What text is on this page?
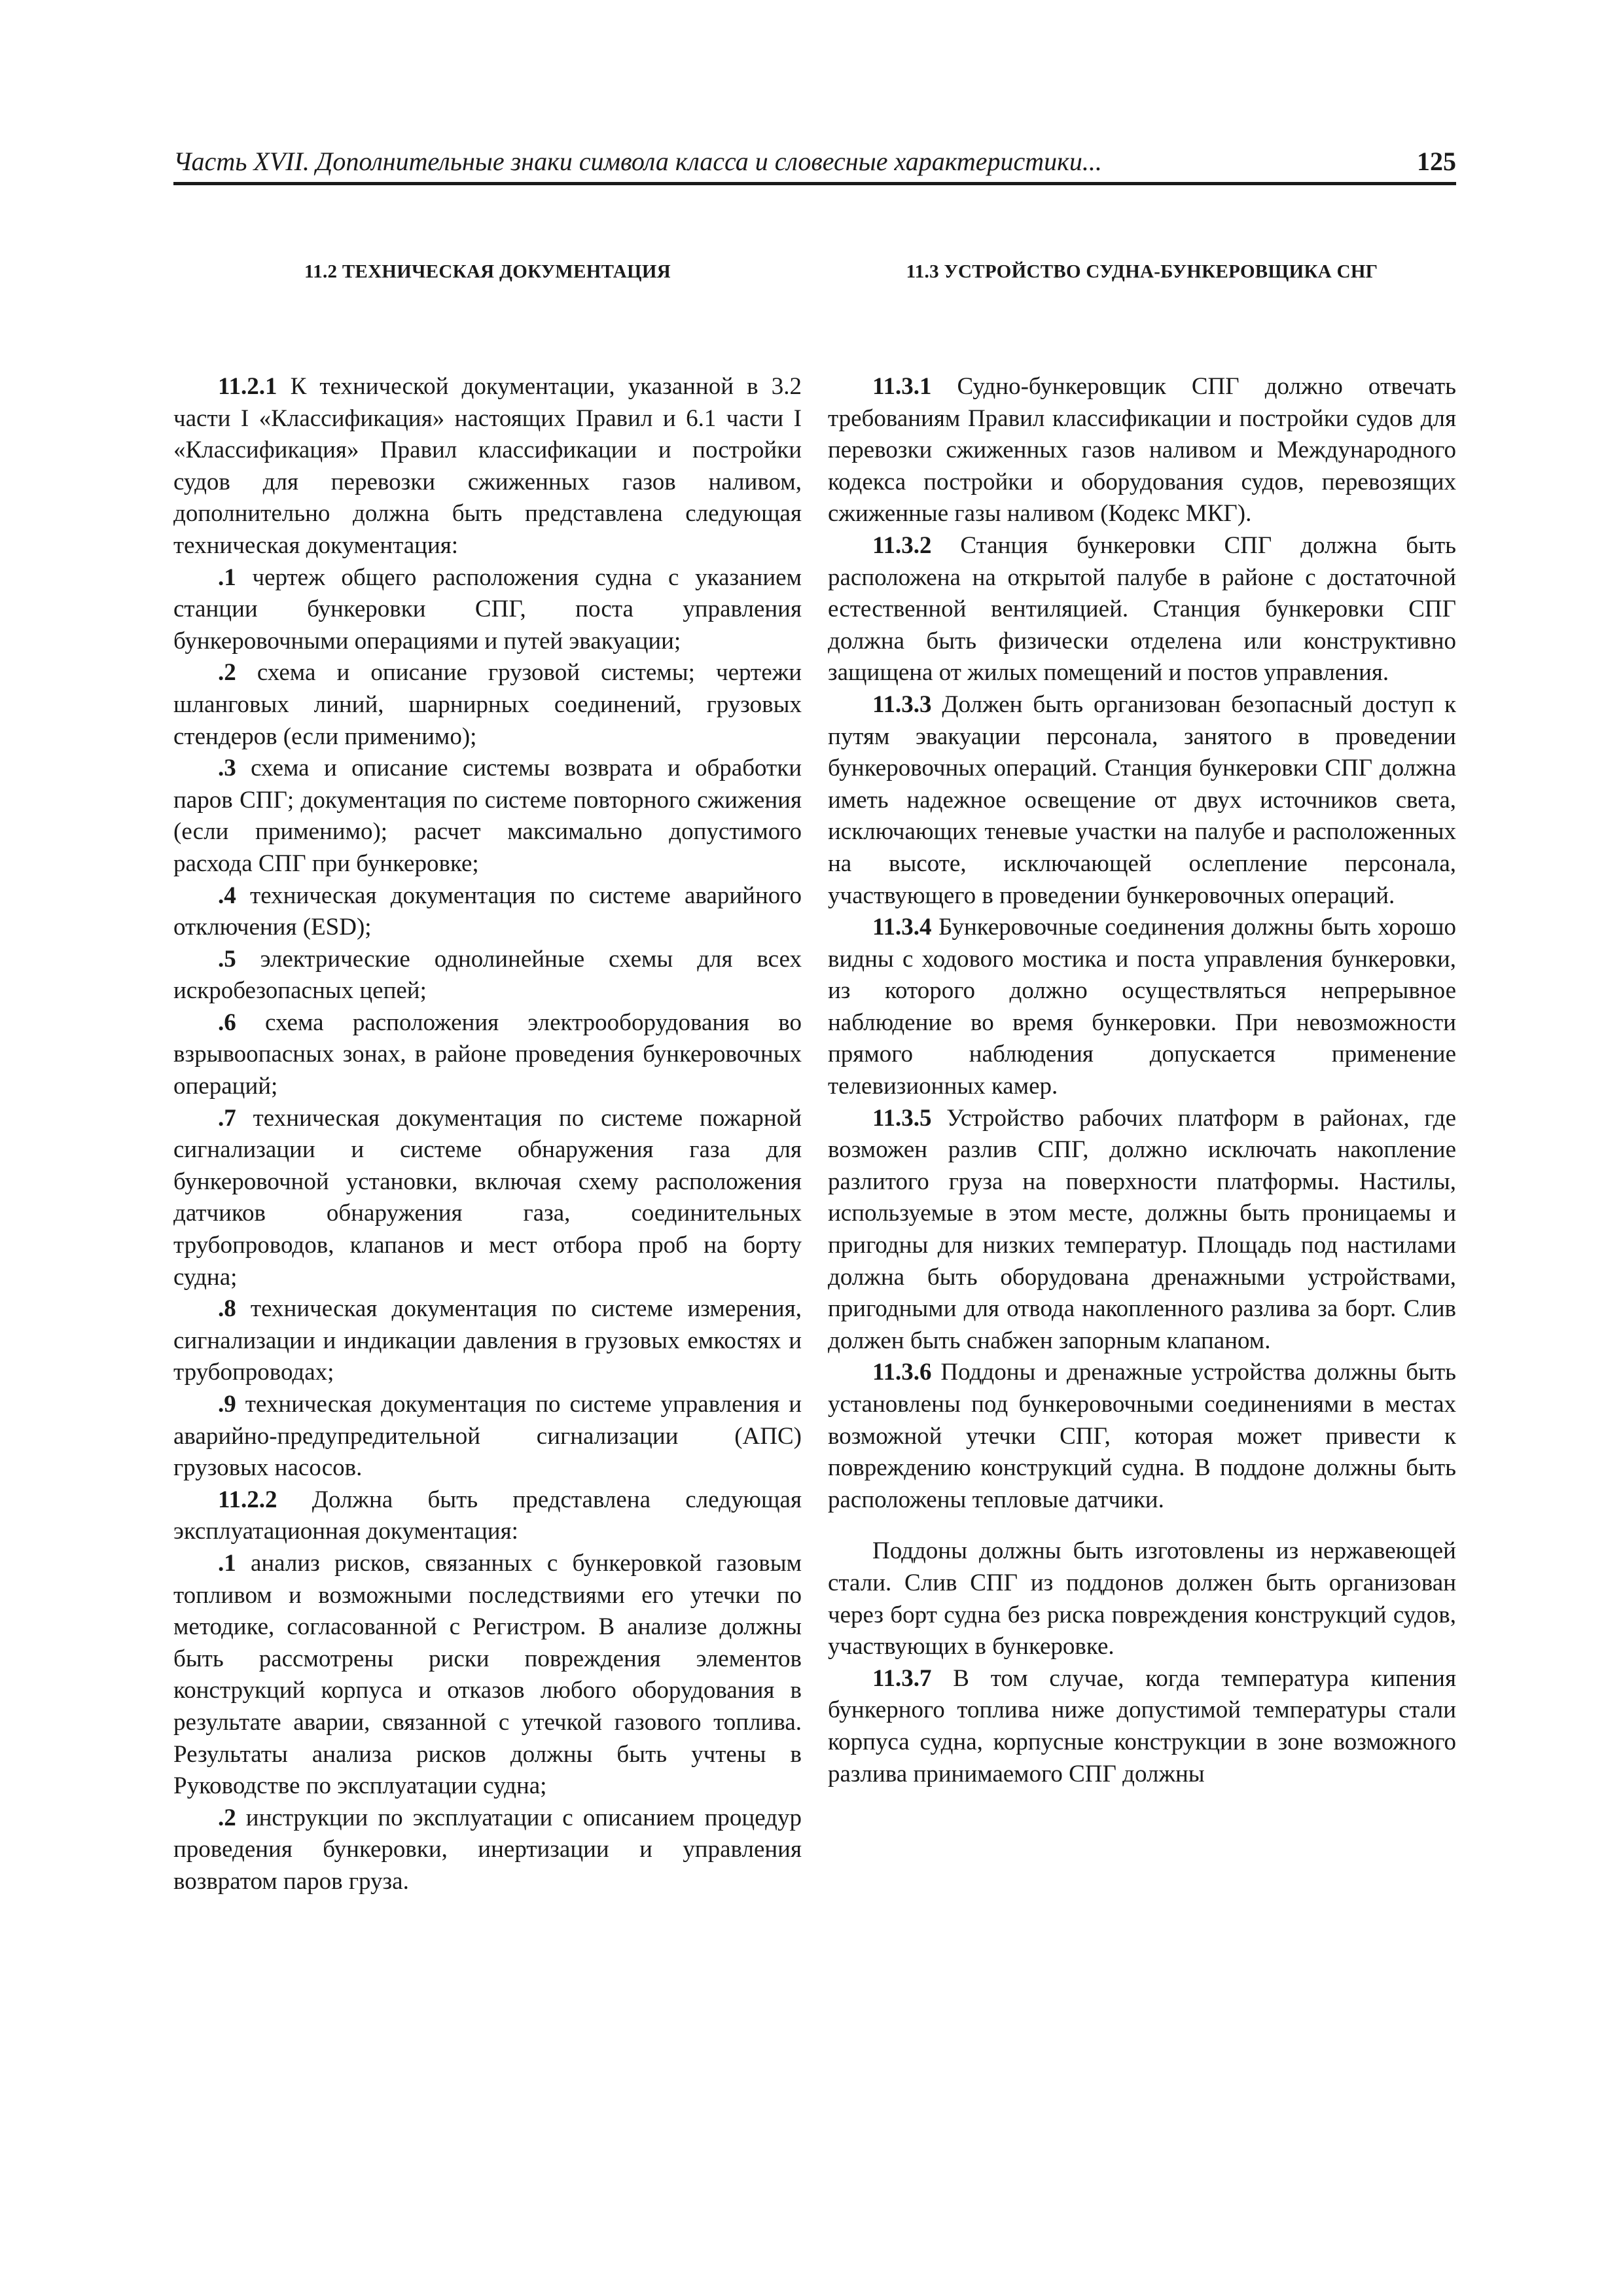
Часть XVII. Дополнительные знаки символа класса и словесные характеристики...	125
11.2 ТЕХНИЧЕСКАЯ ДОКУМЕНТАЦИЯ

11.2.1 К технической документации, указанной в 3.2 части I «Классификация» настоящих Правил и 6.1 части I «Классификация» Правил классификации и постройки судов для перевозки сжиженных газов наливом, дополнительно должна быть представлена следующая техническая документация:

.1 чертеж общего расположения судна с указанием станции бункеровки СПГ, поста управления бункеровочными операциями и путей эвакуации;

.2 схема и описание грузовой системы; чертежи шланговых линий, шарнирных соединений, грузовых стендеров (если применимо);

.3 схема и описание системы возврата и обработки паров СПГ; документация по системе повторного сжижения (если применимо); расчет максимально допустимого расхода СПГ при бункеровке;

.4 техническая документация по системе аварийного отключения (ESD);

.5 электрические однолинейные схемы для всех искробезопасных цепей;

.6 схема расположения электрооборудования во взрывоопасных зонах, в районе проведения бункеровочных операций;

.7 техническая документация по системе пожарной сигнализации и системе обнаружения газа для бункеровочной установки, включая схему расположения датчиков обнаружения газа, соединительных трубопроводов, клапанов и мест отбора проб на борту судна;

.8 техническая документация по системе измерения, сигнализации и индикации давления в грузовых емкостях и трубопроводах;

.9 техническая документация по системе управления и аварийно-предупредительной сигнализации (АПС) грузовых насосов.

11.2.2 Должна быть представлена следующая эксплуатационная документация:

.1 анализ рисков, связанных с бункеровкой газовым топливом и возможными последствиями его утечки по методике, согласованной с Регистром. В анализе должны быть рассмотрены риски повреждения элементов конструкций корпуса и отказов любого оборудования в результате аварии, связанной с утечкой газового топлива. Результаты анализа рисков должны быть учтены в Руководстве по эксплуатации судна;

.2 инструкции по эксплуатации с описанием процедур проведения бункеровки, инертизации и управления возвратом паров груза.

11.3 УСТРОЙСТВО СУДНА-БУНКЕРОВЩИКА СНГ

11.3.1 Судно-бункеровщик СПГ должно отвечать требованиям Правил классификации и постройки судов для перевозки сжиженных газов наливом и Международного кодекса постройки и оборудования судов, перевозящих сжиженные газы наливом (Кодекс МКГ).

11.3.2 Станция бункеровки СПГ должна быть расположена на открытой палубе в районе с достаточной естественной вентиляцией. Станция бункеровки СПГ должна быть физически отделена или конструктивно защищена от жилых помещений и постов управления.

11.3.3 Должен быть организован безопасный доступ к путям эвакуации персонала, занятого в проведении бункеровочных операций. Станция бункеровки СПГ должна иметь надежное освещение от двух источников света, исключающих теневые участки на палубе и расположенных на высоте, исключающей ослепление персонала, участвующего в проведении бункеровочных операций.

11.3.4 Бункеровочные соединения должны быть хорошо видны с ходового мостика и поста управления бункеровки, из которого должно осуществляться непрерывное наблюдение во время бункеровки. При невозможности прямого наблюдения допускается применение телевизионных камер.

11.3.5 Устройство рабочих платформ в районах, где возможен разлив СПГ, должно исключать накопление разлитого груза на поверхности платформы. Настилы, используемые в этом месте, должны быть проницаемы и пригодны для низких температур. Площадь под настилами должна быть оборудована дренажными устройствами, пригодными для отвода накопленного разлива за борт. Слив должен быть снабжен запорным клапаном.

11.3.6 Поддоны и дренажные устройства должны быть установлены под бункеровочными соединениями в местах возможной утечки СПГ, которая может привести к повреждению конструкций судна. В поддоне должны быть расположены тепловые датчики.

Поддоны должны быть изготовлены из нержавеющей стали. Слив СПГ из поддонов должен быть организован через борт судна без риска повреждения конструкций судов, участвующих в бункеровке.

11.3.7 В том случае, когда температура кипения бункерного топлива ниже допустимой температуры стали корпуса судна, корпусные конструкции в зоне возможного разлива принимаемого СПГ должны
